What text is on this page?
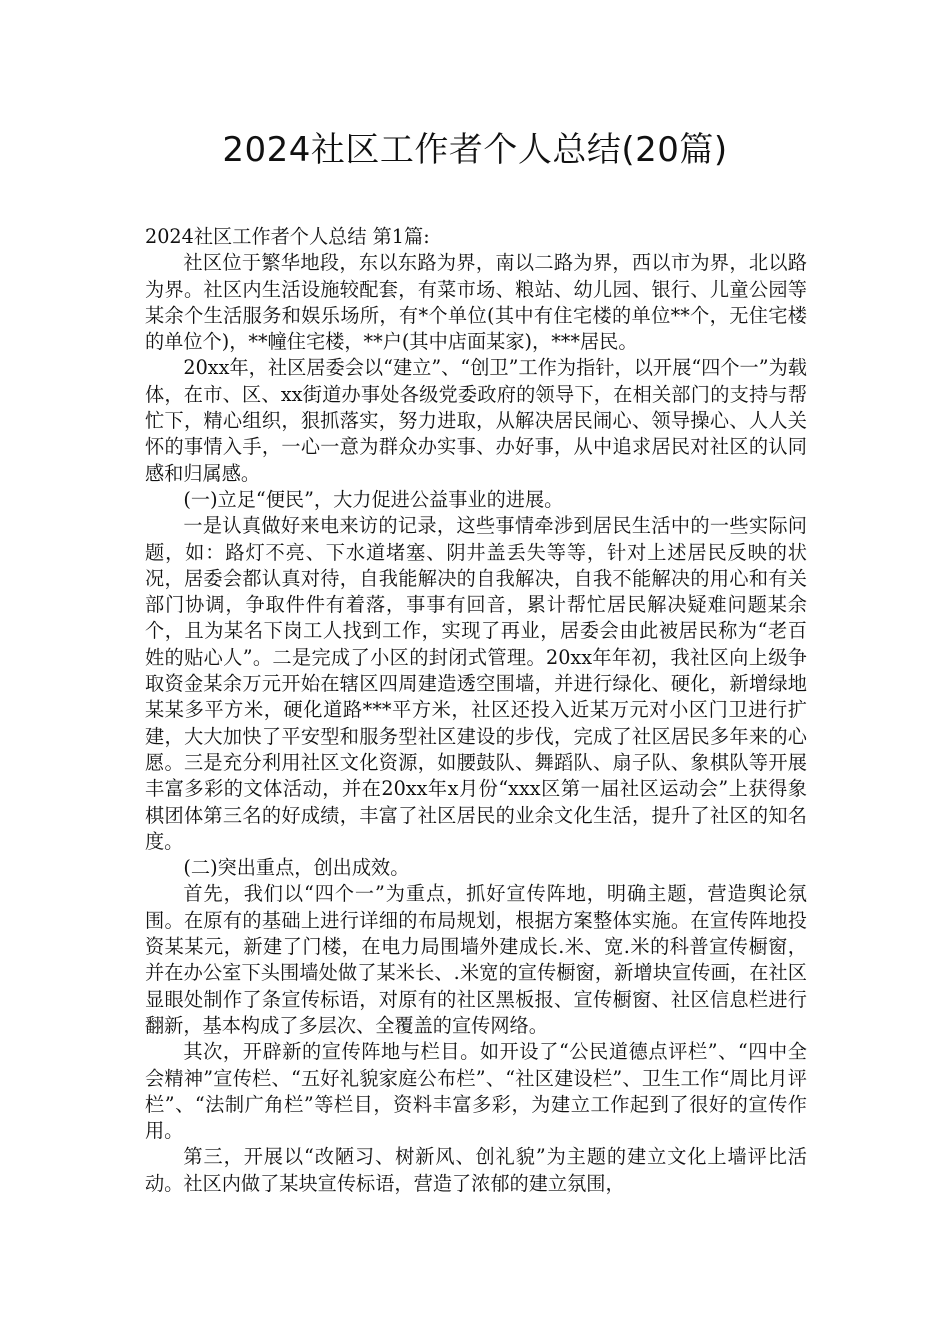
2024社区工作者个人总结(20篇)

2024社区工作者个人总结 第1篇:

社区位于繁华地段，东以东路为界，南以二路为界，西以市为界，北以路为界。社区内生活设施较配套，有菜市场、粮站、幼儿园、银行、儿童公园等某余个生活服务和娱乐场所，有*个单位(其中有住宅楼的单位**个，无住宅楼的单位个)，**幢住宅楼，**户(其中店面某家)，***居民。

20xx年，社区居委会以“建立”、“创卫”工作为指针，以开展“四个一”为载体，在市、区、xx街道办事处各级党委政府的领导下，在相关部门的支持与帮忙下，精心组织，狠抓落实，努力进取，从解决居民闹心、领导操心、人人关怀的事情入手，一心一意为群众办实事、办好事，从中追求居民对社区的认同感和归属感。

(一)立足“便民”，大力促进公益事业的进展。

一是认真做好来电来访的记录，这些事情牵涉到居民生活中的一些实际问题，如：路灯不亮、下水道堵塞、阴井盖丢失等等，针对上述居民反映的状况，居委会都认真对待，自我能解决的自我解决，自我不能解决的用心和有关部门协调，争取件件有着落，事事有回音，累计帮忙居民解决疑难问题某余个，且为某名下岗工人找到工作，实现了再业，居委会由此被居民称为“老百姓的贴心人”。二是完成了小区的封闭式管理。20xx年年初，我社区向上级争取资金某余万元开始在辖区四周建造透空围墙，并进行绿化、硬化，新增绿地某某多平方米，硬化道路***平方米，社区还投入近某万元对小区门卫进行扩建，大大加快了平安型和服务型社区建设的步伐，完成了社区居民多年来的心愿。三是充分利用社区文化资源，如腰鼓队、舞蹈队、扇子队、象棋队等开展丰富多彩的文体活动，并在20xx年x月份“xxx区第一届社区运动会”上获得象棋团体第三名的好成绩，丰富了社区居民的业余文化生活，提升了社区的知名度。

(二)突出重点，创出成效。

首先，我们以“四个一”为重点，抓好宣传阵地，明确主题，营造舆论氛围。在原有的基础上进行详细的布局规划，根据方案整体实施。在宣传阵地投资某某元，新建了门楼，在电力局围墙外建成长.米、宽.米的科普宣传橱窗，并在办公室下头围墙处做了某米长、.米宽的宣传橱窗，新增块宣传画，在社区显眼处制作了条宣传标语，对原有的社区黑板报、宣传橱窗、社区信息栏进行翻新，基本构成了多层次、全覆盖的宣传网络。

其次，开辟新的宣传阵地与栏目。如开设了“公民道德点评栏”、“四中全会精神”宣传栏、“五好礼貌家庭公布栏”、“社区建设栏”、卫生工作“周比月评栏”、“法制广角栏”等栏目，资料丰富多彩，为建立工作起到了很好的宣传作用。

第三，开展以“改陋习、树新风、创礼貌”为主题的建立文化上墙评比活动。社区内做了某块宣传标语，营造了浓郁的建立氛围，
